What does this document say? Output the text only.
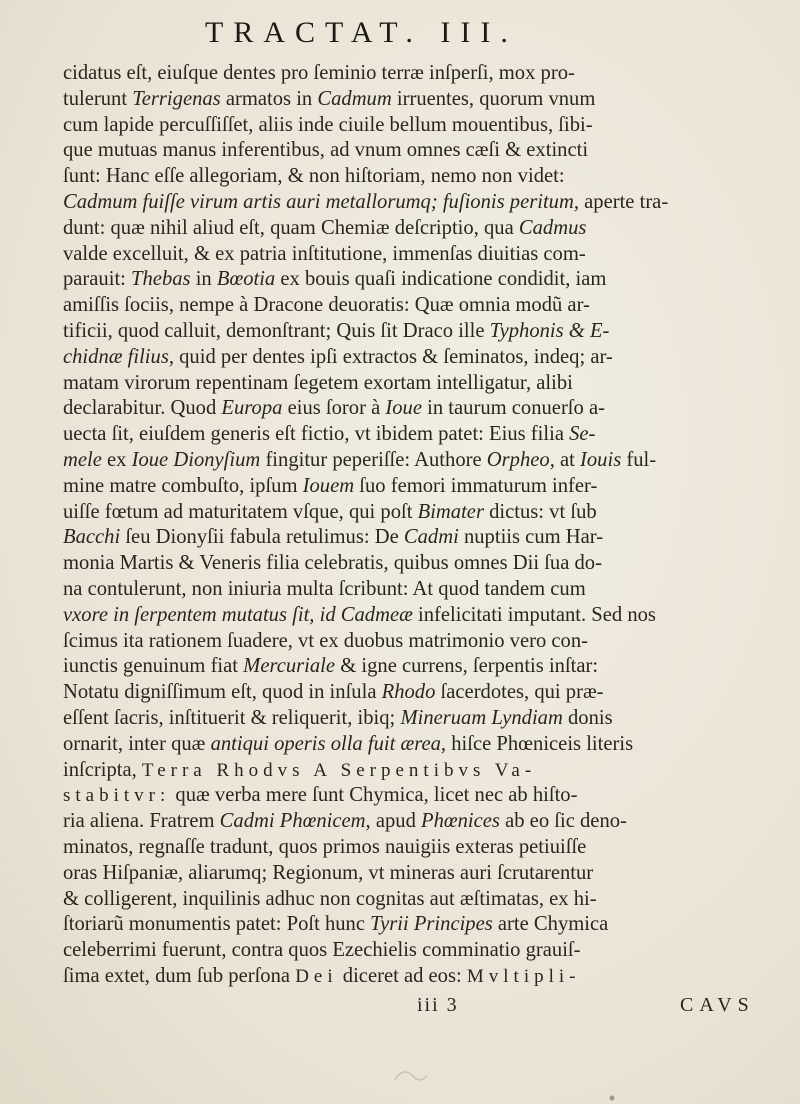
TRACTAT. III.
cidatus eſt, eiuſque dentes pro ſeminio terræ inſperſi, mox pro-
tulerunt Terrigenas armatos in Cadmum irruentes, quorum vnum
cum lapide percuſſiſſet, aliis inde ciuile bellum mouentibus, ſibi-
que mutuas manus inferentibus, ad vnum omnes cæſi & extincti
ſunt: Hanc eſſe allegoriam, & non hiſtoriam, nemo non videt:
Cadmum fuiſſe virum artis auri metallorumq; fuſionis peritum, aperte tra-
dunt: quæ nihil aliud eſt, quam Chemiæ deſcriptio, qua Cadmus
valde excelluit, & ex patria inſtitutione, immenſas diuitias com-
parauit: Thebas in Bœotia ex bouis quaſi indicatione condidit, iam
amiſſis ſociis, nempe à Dracone deuoratis: Quæ omnia modũ ar-
tificii, quod calluit, demonſtrant; Quis ſit Draco ille Typhonis & E-
chidnæ filius, quid per dentes ipſi extractos & ſeminatos, indeq; ar-
matam virorum repentinam ſegetem exortam intelligatur, alibi
declarabitur. Quod Europa eius ſoror à Ioue in taurum conuerſo a-
uecta ſit, eiuſdem generis eſt fictio, vt ibidem patet: Eius filia Se-
mele ex Ioue Dionyſium fingitur peperiſſe: Authore Orpheo, at Iouis ful-
mine matre combuſto, ipſum Iouem ſuo femori immaturum infer-
uiſſe fœtum ad maturitatem vſque, qui poſt Bimater dictus: vt ſub
Bacchi ſeu Dionyſii fabula retulimus: De Cadmi nuptiis cum Har-
monia Martis & Veneris filia celebratis, quibus omnes Dii ſua do-
na contulerunt, non iniuria multa ſcribunt: At quod tandem cum
vxore in ſerpentem mutatus ſit, id Cadmeæ infelicitati imputant. Sed nos
ſcimus ita rationem ſuadere, vt ex duobus matrimonio vero con-
iunctis genuinum fiat Mercuriale & igne currens, ſerpentis inſtar:
Notatu digniſſimum eſt, quod in inſula Rhodo ſacerdotes, qui præ-
eſſent ſacris, inſtituerit & reliquerit, ibiq; Mineruam Lyndiam donis
ornarit, inter quæ antiqui operis olla fuit ærea, hiſce Phœniceis literis
inſcripta, Terra Rhodvs A Serpentibvs Va-
stabitvr: quæ verba mere ſunt Chymica, licet nec ab hiſto-
ria aliena. Fratrem Cadmi Phœnicem, apud Phœnices ab eo ſic deno-
minatos, regnaſſe tradunt, quos primos nauigiis exteras petiuiſſe
oras Hiſpaniæ, aliarumq; Regionum, vt mineras auri ſcrutarentur
& colligerent, inquilinis adhuc non cognitas aut æſtimatas, ex hi-
ſtoriarũ monumentis patet: Poſt hunc Tyrii Principes arte Chymica
celeberrimi fuerunt, contra quos Ezechielis comminatio grauiſ-
ſima extet, dum ſub perſona Dei diceret ad eos: Mvltipli-
iii 3	CAVS
